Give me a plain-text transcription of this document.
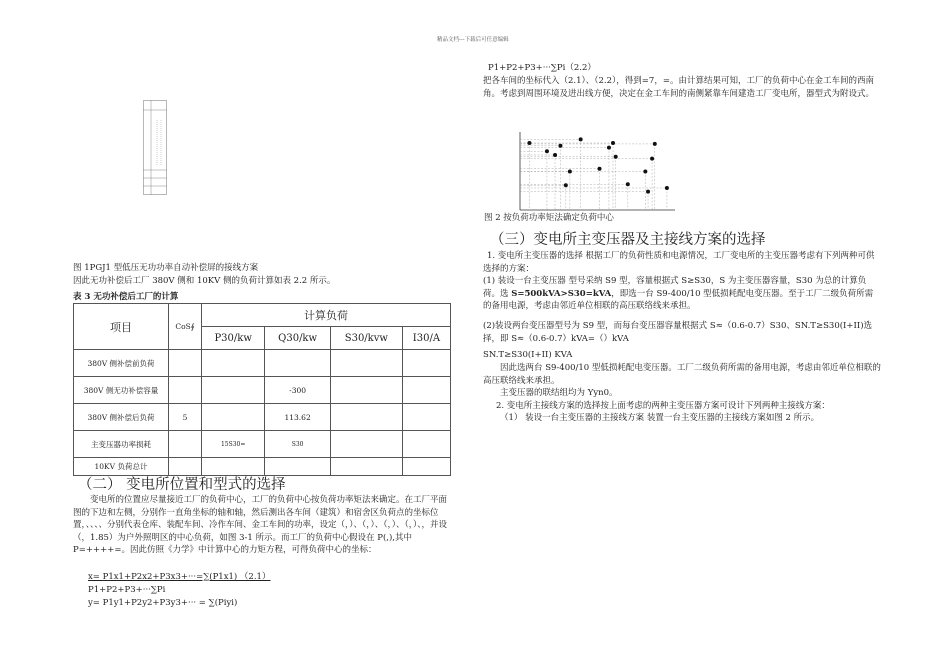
精品文档---下载后可任意编辑
图 1PGJ1 型低压无功功率自动补偿屏的接线方案
因此无功补偿后工厂 380V 侧和 10KV 侧的负荷计算如表 2.2 所示。
表 3 无功补偿后工厂的计算
项目	CoS∮	计算负荷			
		P30/kw	Q30/kw	S30/kvw	I30/A
380V 侧补偿前负荷					
380V 侧无功补偿容量			-300		
380V 侧补偿后负荷	5		113.62		
主变压器功率损耗		15S30=	S30		
10KV 负荷总计					
（二） 变电所位置和型式的选择
变电所的位置应尽量接近工厂的负荷中心，工厂的负荷中心按负荷功率矩法来确定。在工厂平面图的下边和左侧，分别作一直角坐标的轴和轴，然后测出各车间（建筑）和宿舍区负荷点的坐标位置，、、、、分别代表仓库、装配车间、冷作车间、金工车间的功率，设定（，）、（，）、（，）、（，）、，并设（，1.85）为户外照明区的中心负荷，如图 3-1 所示。而工厂的负荷中心假设在 P(,),其中 P=++++=。因此仿照《力学》中计算中心的力矩方程，可得负荷中心的坐标：
x= P1x1+P2x2+P3x3+···=∑(P1x1) （2.1）
P1+P2+P3+···∑Pi
y= P1y1+P2y2+P3y3+··· = ∑(Piyi)
P1+P2+P3+···∑Pi（2.2）
把各车间的坐标代入（2.1）、（2.2），得到=7，=。由计算结果可知，工厂的负荷中心在金工车间的西南角。考虑到周围环境及进出线方便，决定在金工车间的南侧紧靠车间建造工厂变电所，器型式为附设式。
图 2 按负荷功率矩法确定负荷中心
（三）变电所主变压器及主接线方案的选择
1. 变电所主变压器的选择 根据工厂的负荷性质和电源情况，工厂变电所的主变压器考虑有下列两种可供选择的方案：
(1) 装设一台主变压器 型号采纳 S9 型，容量根据式 S≥S30，S 为主变压器容量，S30 为总的计算负荷。选 S=500kVA>S30=kVA，即选一台 S9-400/10 型低损耗配电变压器。至于工厂二级负荷所需的备用电源，考虑由邻近单位相联的高压联络线来承担。
(2)装设两台变压器型号为 S9 型，而每台变压器容量根据式 S≈（0.6-0.7）S30、SN.T≥S30(I+II)选择，即 S≈（0.6-0.7）kVA=（）kVA
SN.T≥S30(I+II) KVA
因此选两台 S9-400/10 型低损耗配电变压器。工厂二级负荷所需的备用电源，考虑由邻近单位相联的高压联络线来承担。
主变压器的联结组均为 Yyn0。
2. 变电所主接线方案的选择按上面考虑的两种主变压器方案可设计下列两种主接线方案：
（1） 装设一台主变压器的主接线方案 装置一台主变压器的主接线方案如图 2 所示。
